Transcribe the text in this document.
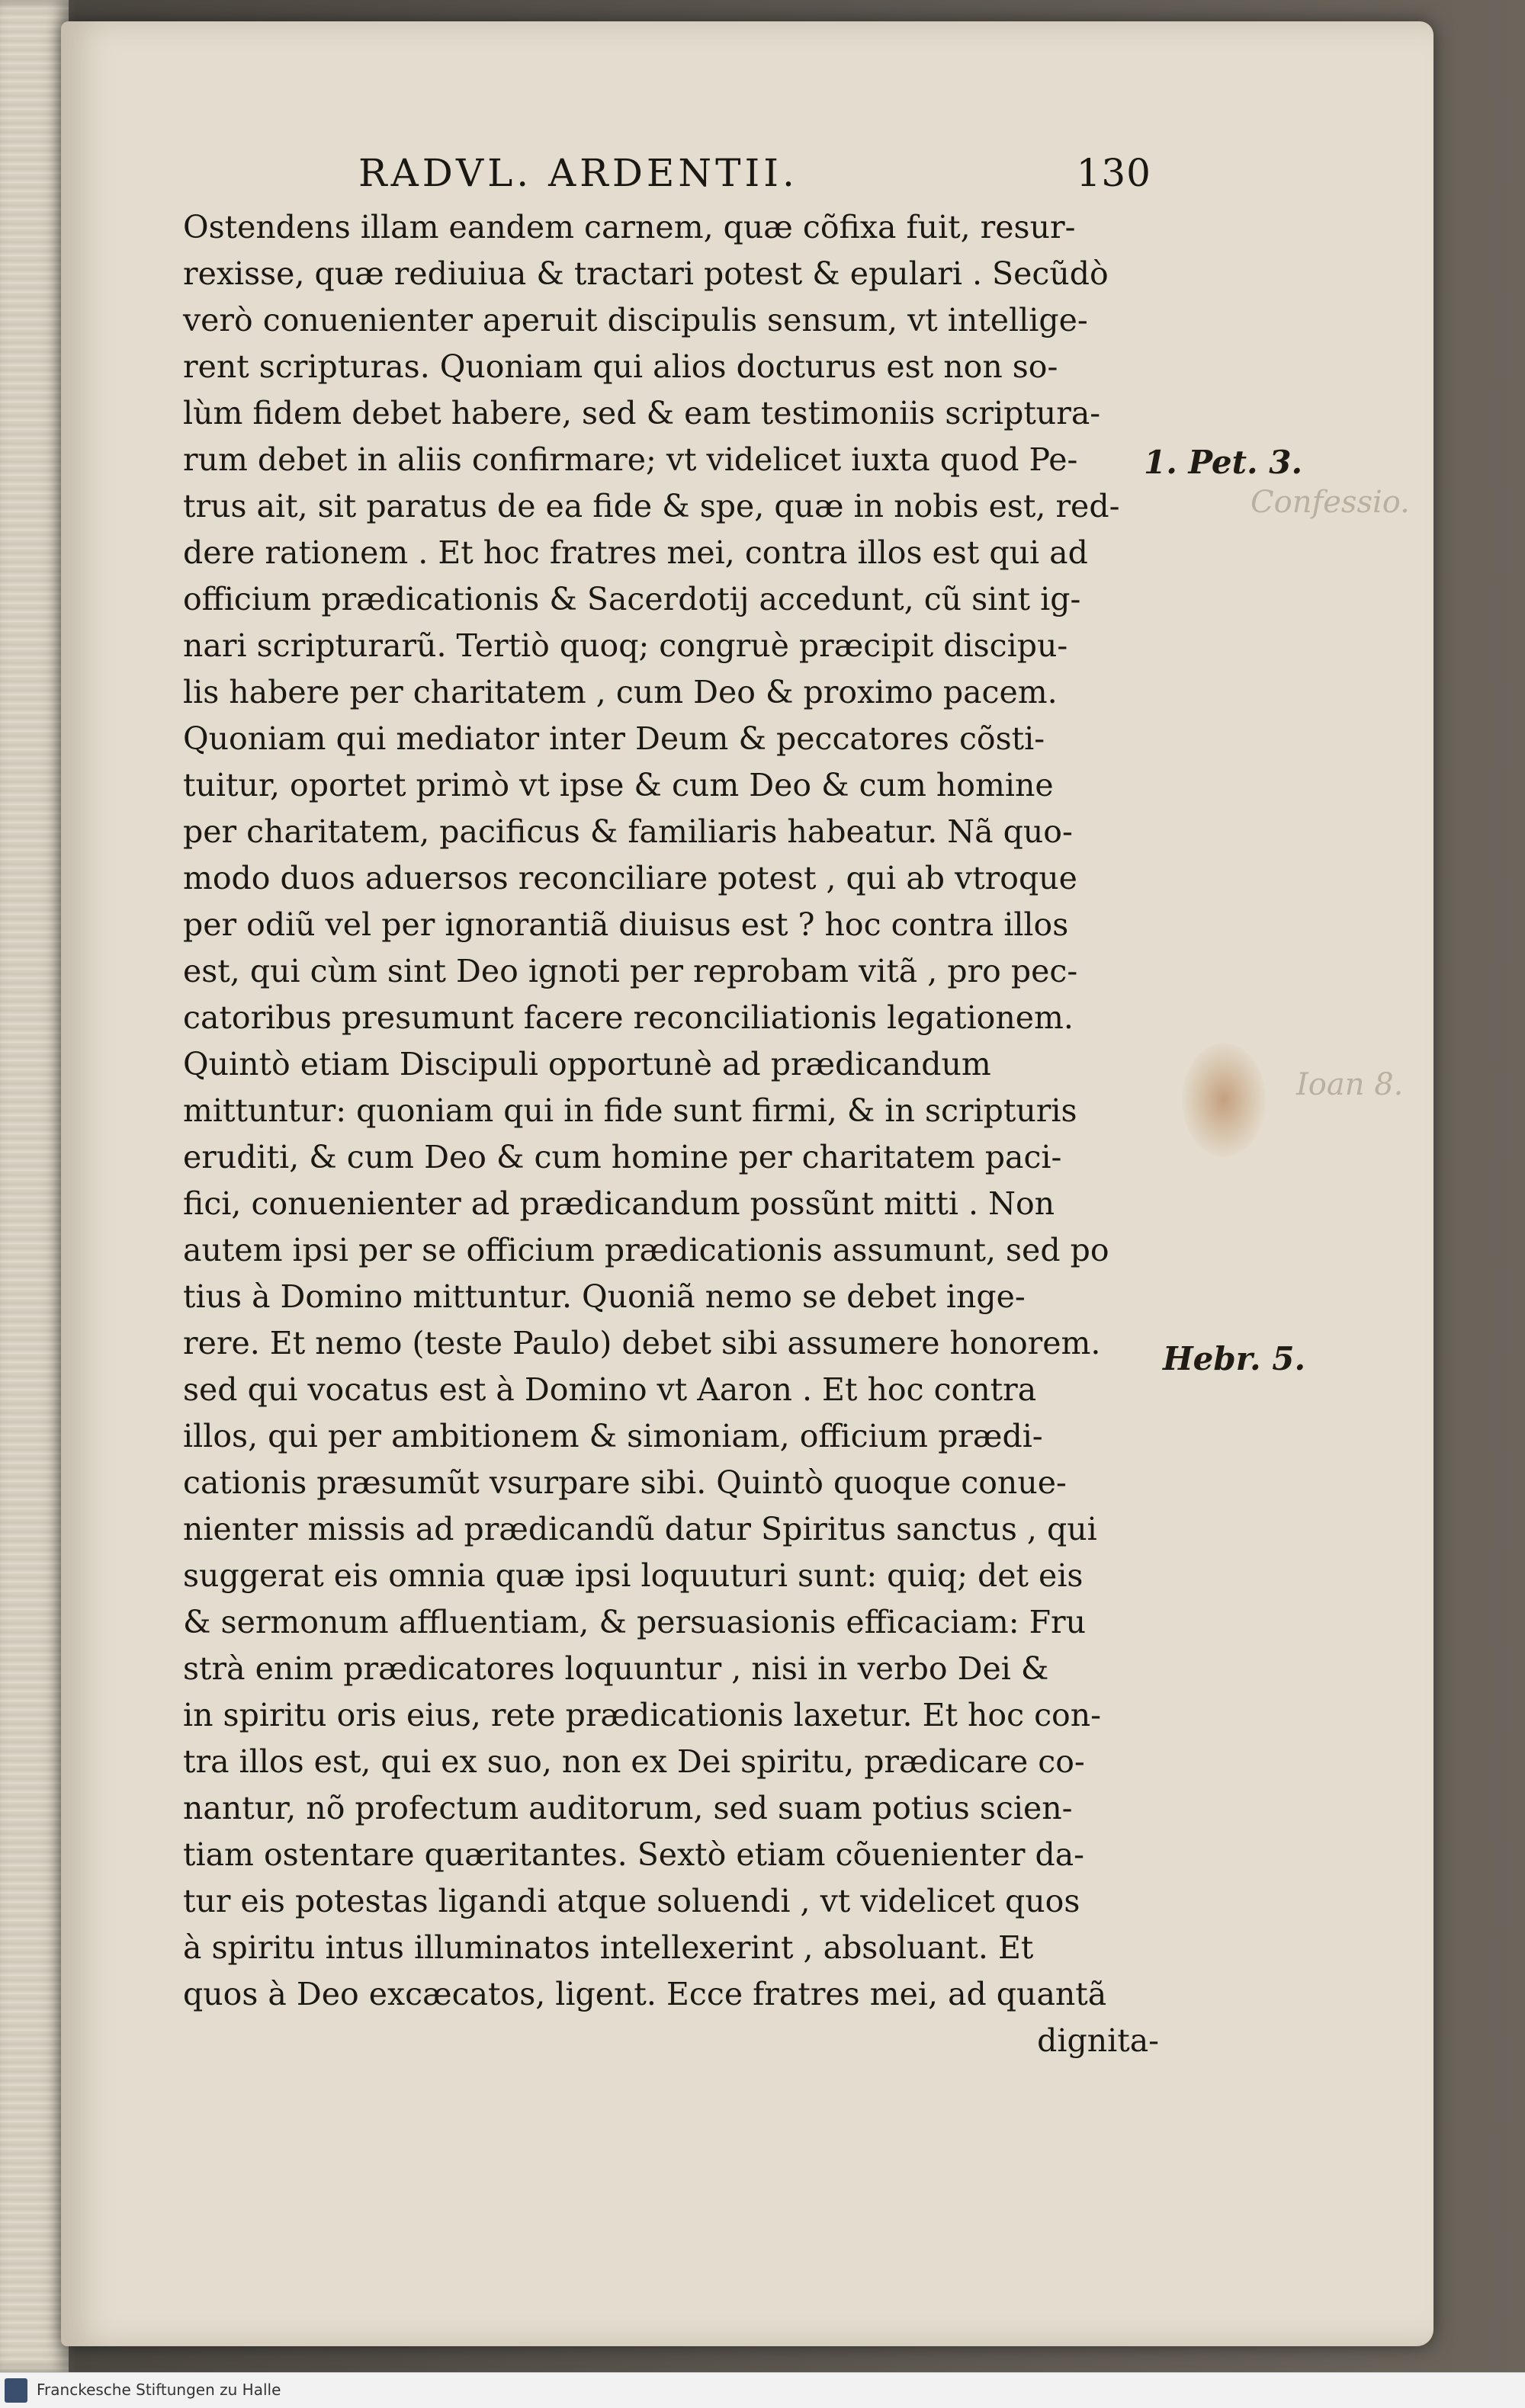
Confessio.
Ioan 8.
RADVL. ARDENTII.	130
Ostendens illam eandem carnem, quæ cõfixa fuit, resur-
rexisse, quæ rediuiua & tractari potest & epulari . Secũdò
verò conuenienter aperuit discipulis sensum, vt intellige-
rent scripturas. Quoniam qui alios docturus est non so-
lùm fidem debet habere, sed & eam testimoniis scriptura-
rum debet in aliis confirmare; vt videlicet iuxta quod Pe-
trus ait, sit paratus de ea fide & spe, quæ in nobis est, red-
dere rationem . Et hoc fratres mei, contra illos est qui ad
officium prædicationis & Sacerdotij accedunt, cũ sint ig-
nari scripturarũ. Tertiò quoq; congruè præcipit discipu-
lis habere per charitatem , cum Deo & proximo pacem.
Quoniam qui mediator inter Deum & peccatores cõsti-
tuitur, oportet primò vt ipse & cum Deo & cum homine
per charitatem, pacificus & familiaris habeatur. Nã quo-
modo duos aduersos reconciliare potest , qui ab vtroque
per odiũ vel per ignorantiã diuisus est ? hoc contra illos
est, qui cùm sint Deo ignoti per reprobam vitã , pro pec-
catoribus presumunt facere reconciliationis legationem.
Quintò etiam Discipuli opportunè ad prædicandum
mittuntur: quoniam qui in fide sunt firmi, & in scripturis
eruditi, & cum Deo & cum homine per charitatem paci-
fici, conuenienter ad prædicandum possũnt mitti . Non
autem ipsi per se officium prædicationis assumunt, sed po
tius à Domino mittuntur. Quoniã nemo se debet inge-
rere. Et nemo (teste Paulo) debet sibi assumere honorem.
sed qui vocatus est à Domino vt Aaron . Et hoc contra
illos, qui per ambitionem & simoniam, officium prædi-
cationis præsumũt vsurpare sibi. Quintò quoque conue-
nienter missis ad prædicandũ datur Spiritus sanctus , qui
suggerat eis omnia quæ ipsi loquuturi sunt: quiq; det eis
& sermonum affluentiam, & persuasionis efficaciam: Fru
strà enim prædicatores loquuntur , nisi in verbo Dei &
in spiritu oris eius, rete prædicationis laxetur. Et hoc con-
tra illos est, qui ex suo, non ex Dei spiritu, prædicare co-
nantur, nõ profectum auditorum, sed suam potius scien-
tiam ostentare quæritantes. Sextò etiam cõuenienter da-
tur eis potestas ligandi atque soluendi , vt videlicet quos
à spiritu intus illuminatos intellexerint , absoluant. Et
quos à Deo excæcatos, ligent. Ecce fratres mei, ad quantã
dignita-
1. Pet. 3.
Hebr. 5.
Franckesche Stiftungen zu Halle
